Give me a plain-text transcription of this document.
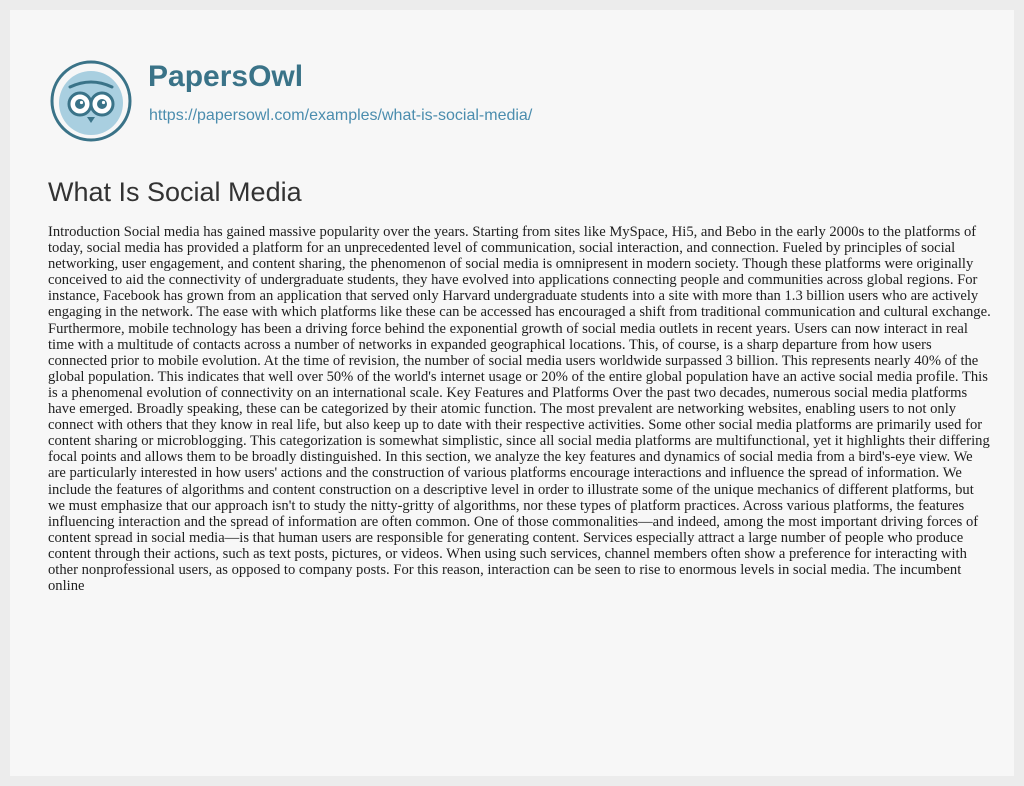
PapersOwl
https://papersowl.com/examples/what-is-social-media/
What Is Social Media

Introduction Social media has gained massive popularity over the years. Starting from sites like MySpace, Hi5, and Bebo in the early 2000s to the platforms of today, social media has provided a platform for an unprecedented level of communication, social interaction, and connection. Fueled by principles of social networking, user engagement, and content sharing, the phenomenon of social media is omnipresent in modern society. Though these platforms were originally conceived to aid the connectivity of undergraduate students, they have evolved into applications connecting people and communities across global regions. For instance, Facebook has grown from an application that served only Harvard undergraduate students into a site with more than 1.3 billion users who are actively engaging in the network. The ease with which platforms like these can be accessed has encouraged a shift from traditional communication and cultural exchange. Furthermore, mobile technology has been a driving force behind the exponential growth of social media outlets in recent years. Users can now interact in real time with a multitude of contacts across a number of networks in expanded geographical locations. This, of course, is a sharp departure from how users connected prior to mobile evolution. At the time of revision, the number of social media users worldwide surpassed 3 billion. This represents nearly 40% of the global population. This indicates that well over 50% of the world's internet usage or 20% of the entire global population have an active social media profile. This is a phenomenal evolution of connectivity on an international scale. Key Features and Platforms Over the past two decades, numerous social media platforms have emerged. Broadly speaking, these can be categorized by their atomic function. The most prevalent are networking websites, enabling users to not only connect with others that they know in real life, but also keep up to date with their respective activities. Some other social media platforms are primarily used for content sharing or microblogging. This categorization is somewhat simplistic, since all social media platforms are multifunctional, yet it highlights their differing focal points and allows them to be broadly distinguished. In this section, we analyze the key features and dynamics of social media from a bird's-eye view. We are particularly interested in how users' actions and the construction of various platforms encourage interactions and influence the spread of information. We include the features of algorithms and content construction on a descriptive level in order to illustrate some of the unique mechanics of different platforms, but we must emphasize that our approach isn't to study the nitty-gritty of algorithms, nor these types of platform practices. Across various platforms, the features influencing interaction and the spread of information are often common. One of those commonalities—and indeed, among the most important driving forces of content spread in social media—is that human users are responsible for generating content. Services especially attract a large number of people who produce content through their actions, such as text posts, pictures, or videos. When using such services, channel members often show a preference for interacting with other nonprofessional users, as opposed to company posts. For this reason, interaction can be seen to rise to enormous levels in social media. The incumbent online
